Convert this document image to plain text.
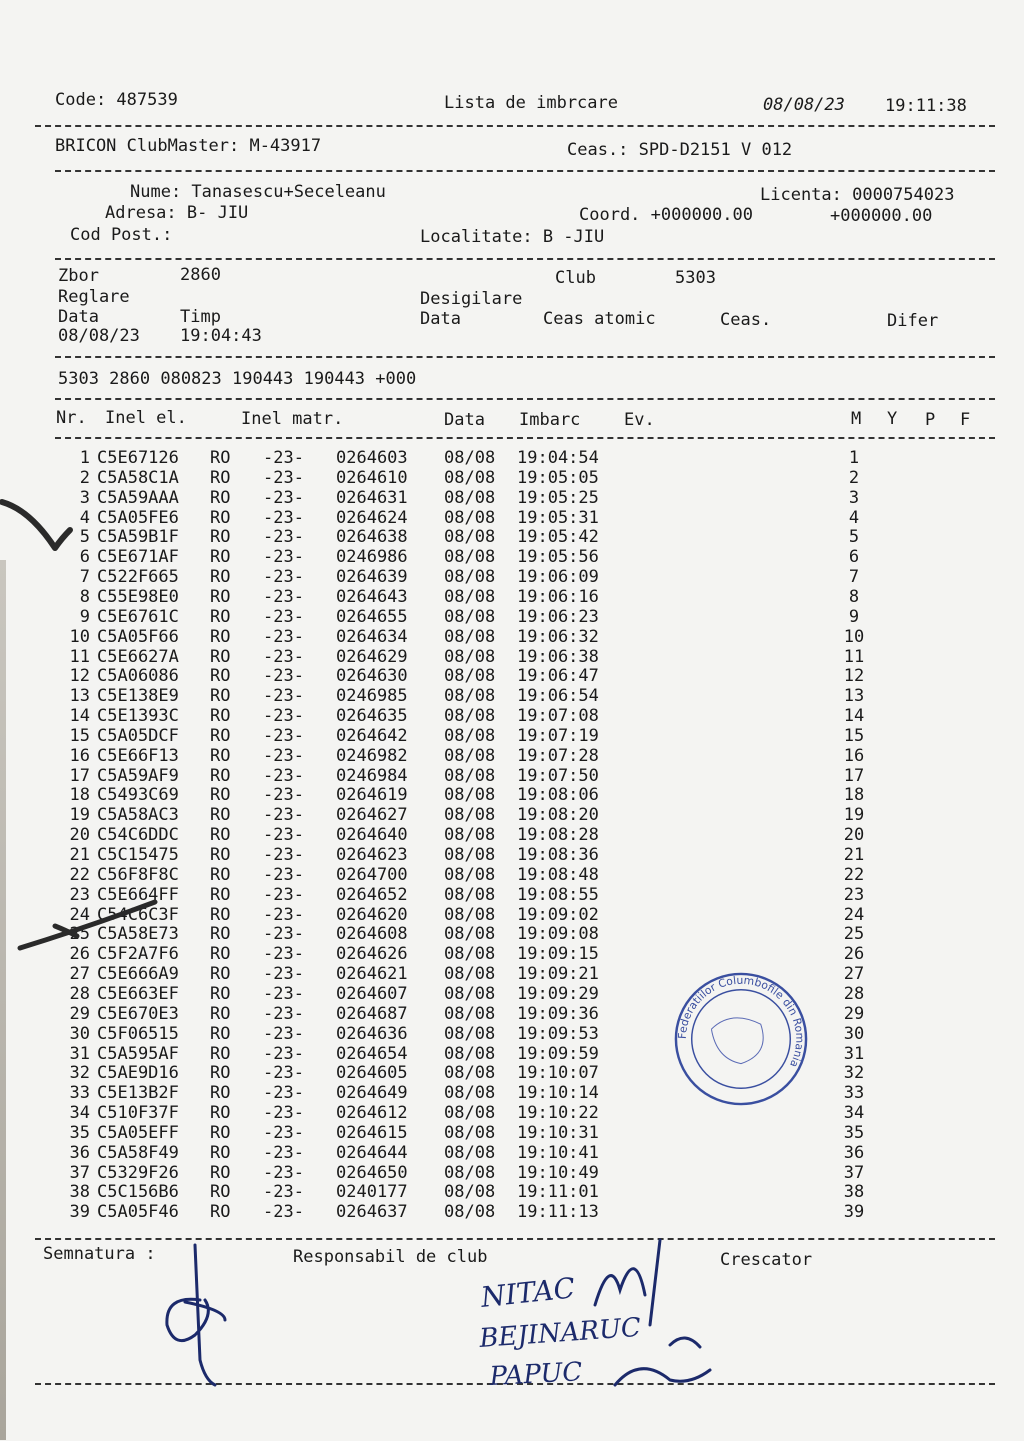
Code: 487539	Lista de imbrcare	08/08/23 19:11:38
BRICON ClubMaster: M-43917	Ceas.: SPD-D2151 V 012
Nume: Tanasescu+Seceleanu	Licenta: 0000754023
Adresa: B- JIU	Coord. +000000.00	+000000.00
Cod Post.:	Localitate: B -JIU
Zbor	2860	Club	5303
Reglare	Desigilare
Data	Timp	Data	Ceas atomic	Ceas.	Difer
08/08/23 19:04:43
5303 2860 080823 190443 190443 +000
Nr. Inel el.	Inel matr.	Data Imbarc	Ev.	M Y P F
1 C5E67126 RO -23- 0264603 08/08 19:04:54	1
2 C5A58C1A RO -23- 0264610 08/08 19:05:05	2
3 C5A59AAA RO -23- 0264631 08/08 19:05:25	3
4 C5A05FE6 RO -23- 0264624 08/08 19:05:31	4
5 C5A59B1F RO -23- 0264638 08/08 19:05:42	5
6 C5E671AF RO -23- 0246986 08/08 19:05:56	6
7 C522F665 RO -23- 0264639 08/08 19:06:09	7
8 C55E98E0 RO -23- 0264643 08/08 19:06:16	8
9 C5E6761C RO -23- 0264655 08/08 19:06:23	9
10 C5A05F66 RO -23- 0264634 08/08 19:06:32	10
11 C5E6627A RO -23- 0264629 08/08 19:06:38	11
12 C5A06086 RO -23- 0264630 08/08 19:06:47	12
13 C5E138E9 RO -23- 0246985 08/08 19:06:54	13
14 C5E1393C RO -23- 0264635 08/08 19:07:08	14
15 C5A05DCF RO -23- 0264642 08/08 19:07:19	15
16 C5E66F13 RO -23- 0246982 08/08 19:07:28	16
17 C5A59AF9 RO -23- 0246984 08/08 19:07:50	17
18 C5493C69 RO -23- 0264619 08/08 19:08:06	18
19 C5A58AC3 RO -23- 0264627 08/08 19:08:20	19
20 C54C6DDC RO -23- 0264640 08/08 19:08:28	20
21 C5C15475 RO -23- 0264623 08/08 19:08:36	21
22 C56F8F8C RO -23- 0264700 08/08 19:08:48	22
23 C5E664FF RO -23- 0264652 08/08 19:08:55	23
24 C54C6C3F RO -23- 0264620 08/08 19:09:02	24
25 C5A58E73 RO -23- 0264608 08/08 19:09:08	25
26 C5F2A7F6 RO -23- 0264626 08/08 19:09:15	26
27 C5E666A9 RO -23- 0264621 08/08 19:09:21	27
28 C5E663EF RO -23- 0264607 08/08 19:09:29	28
29 C5E670E3 RO -23- 0264687 08/08 19:09:36	29
30 C5F06515 RO -23- 0264636 08/08 19:09:53	30
31 C5A595AF RO -23- 0264654 08/08 19:09:59	31
32 C5AE9D16 RO -23- 0264605 08/08 19:10:07	32
33 C5E13B2F RO -23- 0264649 08/08 19:10:14	33
34 C510F37F RO -23- 0264612 08/08 19:10:22	34
35 C5A05EFF RO -23- 0264615 08/08 19:10:31	35
36 C5A58F49 RO -23- 0264644 08/08 19:10:41	36
37 C5329F26 RO -23- 0264650 08/08 19:10:49	37
38 C5C156B6 RO -23- 0240177 08/08 19:11:01	38
39 C5A05F46 RO -23- 0264637 08/08 19:11:13	39
Semnatura :	Responsabil de club	Crescator
Federatiilor Columbofile din Romania
NITAC
BEJINARUC
PAPUC
